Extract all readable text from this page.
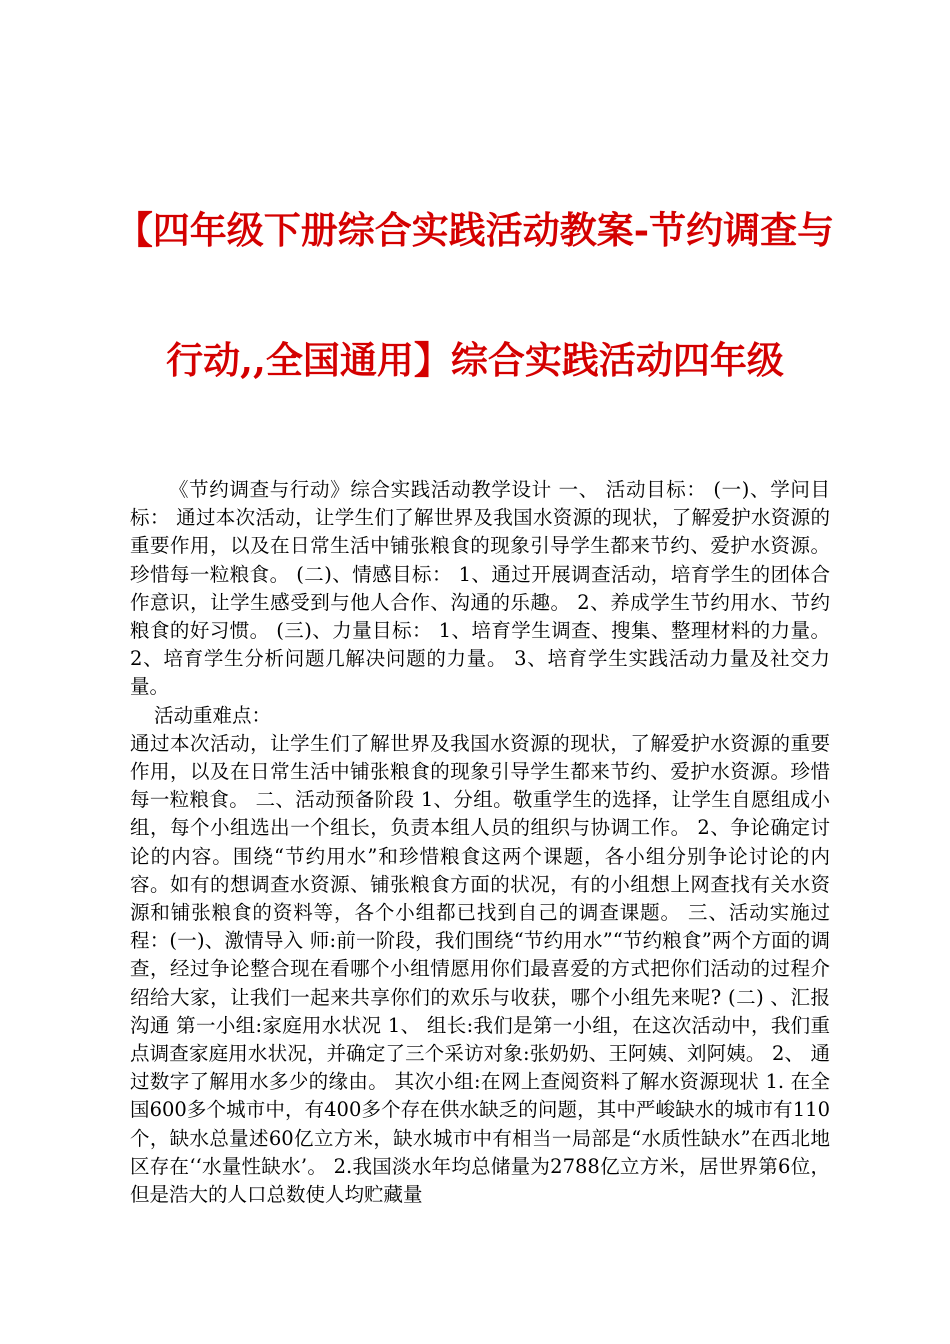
【四年级下册综合实践活动教案-节约调查与
行动,,全国通用】综合实践活动四年级

《节约调查与行动》综合实践活动教学设计 一、 活动目标： (一)、学问目标： 通过本次活动，让学生们了解世界及我国水资源的现状，了解爱护水资源的重要作用，以及在日常生活中铺张粮食的现象引导学生都来节约、爱护水资源。珍惜每一粒粮食。 (二)、情感目标： 1、通过开展调查活动，培育学生的团体合作意识，让学生感受到与他人合作、沟通的乐趣。 2、养成学生节约用水、节约粮食的好习惯。 (三)、力量目标： 1、培育学生调查、搜集、整理材料的力量。 2、培育学生分析问题几解决问题的力量。 3、培育学生实践活动力量及社交力量。

活动重难点：

通过本次活动，让学生们了解世界及我国水资源的现状，了解爱护水资源的重要作用，以及在日常生活中铺张粮食的现象引导学生都来节约、爱护水资源。珍惜每一粒粮食。 二、活动预备阶段 1、分组。敬重学生的选择，让学生自愿组成小组，每个小组选出一个组长，负责本组人员的组织与协调工作。 2、争论确定讨论的内容。围绕“节约用水”和珍惜粮食这两个课题，各小组分别争论讨论的内容。如有的想调查水资源、铺张粮食方面的状况，有的小组想上网查找有关水资源和铺张粮食的资料等，各个小组都已找到自己的调查课题。 三、活动实施过程：(一)、激情导入 师:前一阶段，我们围绕“节约用水”“节约粮食”两个方面的调查，经过争论整合现在看哪个小组情愿用你们最喜爱的方式把你们活动的过程介绍给大家，让我们一起来共享你们的欢乐与收获，哪个小组先来呢? (二) 、汇报沟通 第一小组:家庭用水状况 1、 组长:我们是第一小组，在这次活动中，我们重点调查家庭用水状况，并确定了三个采访对象:张奶奶、王阿姨、刘阿姨。 2、 通过数字了解用水多少的缘由。 其次小组:在网上查阅资料了解水资源现状 1. 在全国600多个城市中，有400多个存在供水缺乏的问题，其中严峻缺水的城市有110个，缺水总量述60亿立方米，缺水城市中有相当一局部是“水质性缺水”在西北地区存在‘‘水量性缺水’。 2.我国淡水年均总储量为2788亿立方米，居世界第6位，但是浩大的人口总数使人均贮藏量
